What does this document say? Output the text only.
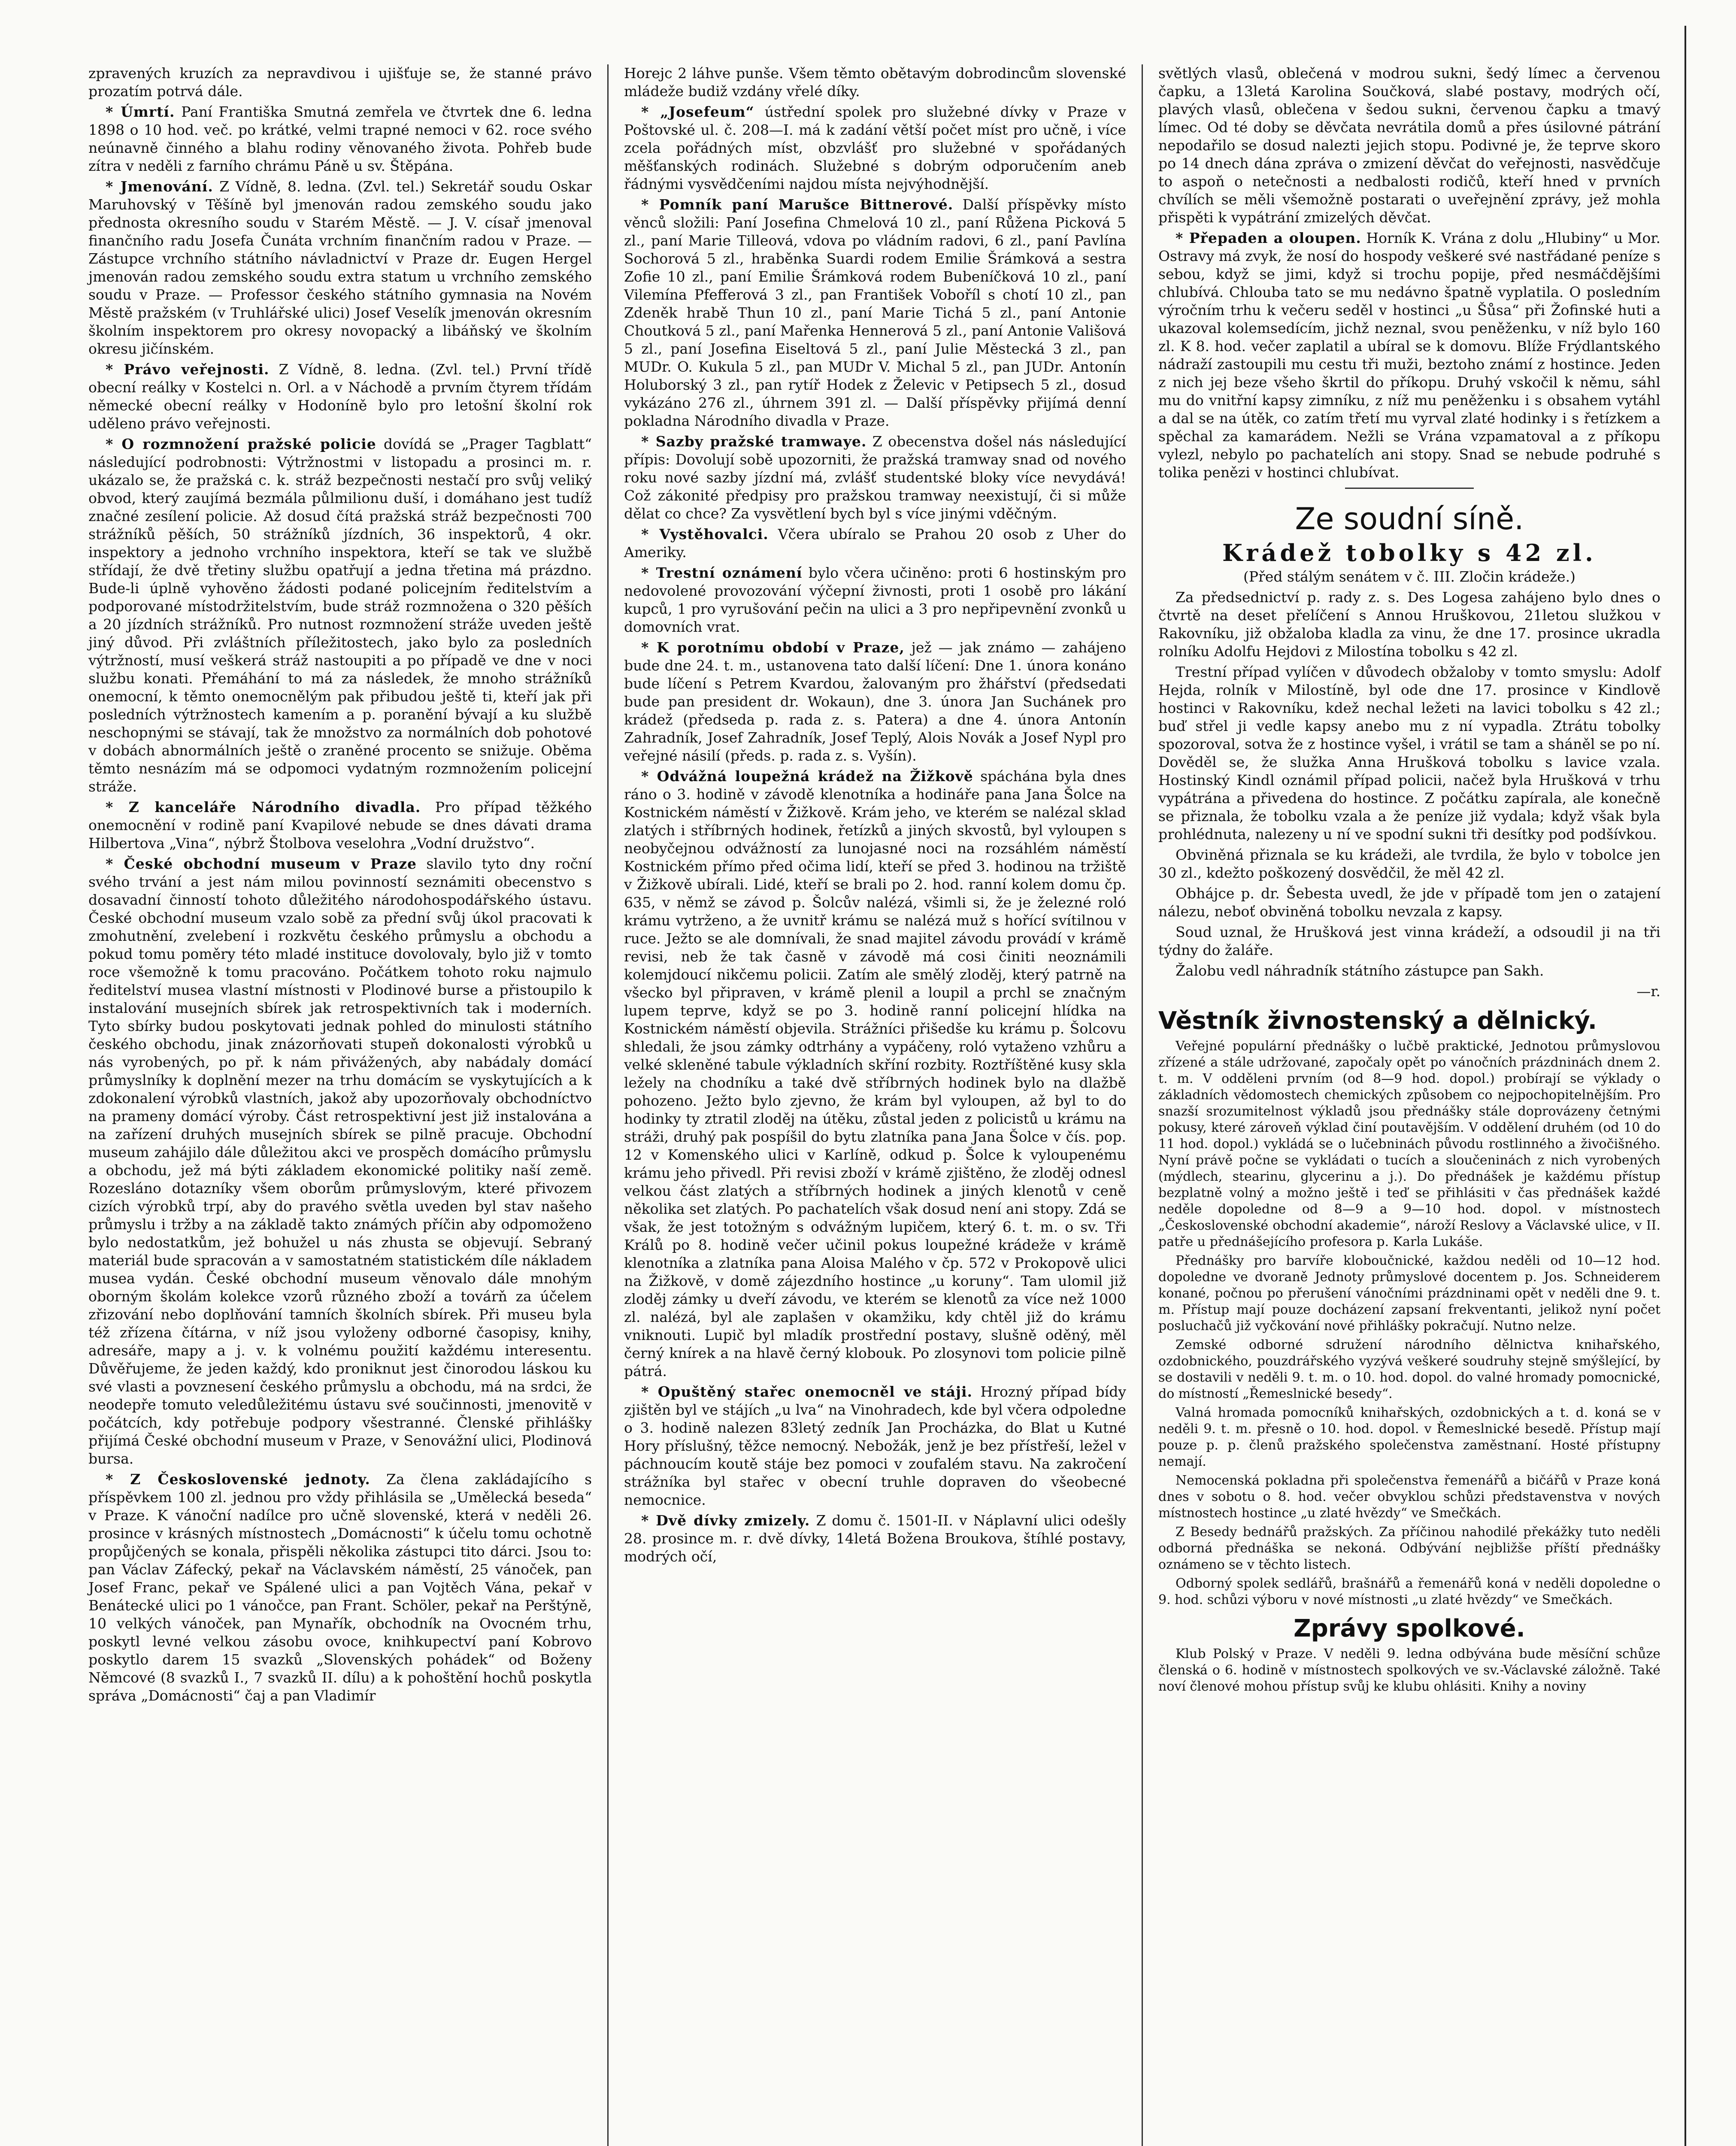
zpravených kruzích za nepravdivou i ujišťuje se, že stanné právo prozatím potrvá dále.

* Úmrtí. Paní Františka Smutná zemřela ve čtvrtek dne 6. ledna 1898 o 10 hod. več. po krátké, velmi trapné nemoci v 62. roce svého neúnavně činného a blahu rodiny věnovaného života. Pohřeb bude zítra v neděli z farního chrámu Páně u sv. Štěpána.

* Jmenování. Z Vídně, 8. ledna. (Zvl. tel.) Sekretář soudu Oskar Maruhovský v Těšíně byl jmenován radou zemského soudu jako přednosta okresního soudu v Starém Městě. — J. V. císař jmenoval finančního radu Josefa Čunáta vrchním finančním radou v Praze. — Zástupce vrchního státního návladnictví v Praze dr. Eugen Hergel jmenován radou zemského soudu extra statum u vrchního zemského soudu v Praze. — Professor českého státního gymnasia na Novém Městě pražském (v Truhlářské ulici) Josef Veselík jmenován okresním školním inspektorem pro okresy novopacký a libáňský ve školním okresu jičínském.

* Právo veřejnosti. Z Vídně, 8. ledna. (Zvl. tel.) První třídě obecní reálky v Kostelci n. Orl. a v Náchodě a prvním čtyrem třídám německé obecní reálky v Hodoníně bylo pro letošní školní rok uděleno právo veřejnosti.

* O rozmnožení pražské policie dovídá se „Prager Tagblatt“ následující podrobnosti: Výtržnostmi v listopadu a prosinci m. r. ukázalo se, že pražská c. k. stráž bezpečnosti nestačí pro svůj veliký obvod, který zaujímá bezmála půlmilionu duší, i domáhano jest tudíž značné zesílení policie. Až dosud čítá pražská stráž bezpečnosti 700 strážníků pěších, 50 strážníků jízdních, 36 inspektorů, 4 okr. inspektory a jednoho vrchního inspektora, kteří se tak ve službě střídají, že dvě třetiny službu opatřují a jedna třetina má prázdno. Bude-li úplně vyhověno žádosti podané policejním ředitelstvím a podporované místodržitelstvím, bude stráž rozmnožena o 320 pěších a 20 jízdních strážníků. Pro nutnost rozmnožení stráže uveden ještě jiný důvod. Při zvláštních příležitostech, jako bylo za posledních výtržností, musí veškerá stráž nastoupiti a po případě ve dne v noci službu konati. Přemáhání to má za následek, že mnoho strážníků onemocní, k těmto onemocnělým pak přibudou ještě ti, kteří jak při posledních výtržnostech kamením a p. poranění bývají a ku službě neschopnými se stávají, tak že množstvo za normálních dob pohotové v dobách abnormálních ještě o zraněné procento se snižuje. Oběma těmto nesnázím má se odpomoci vydatným rozmnožením policejní stráže.

* Z kanceláře Národního divadla. Pro případ těžkého onemocnění v rodině paní Kvapilové nebude se dnes dávati drama Hilbertova „Vina“, nýbrž Štolbova veselohra „Vodní družstvo“.

* České obchodní museum v Praze slavilo tyto dny roční svého trvání a jest nám milou povinností seznámiti obecenstvo s dosavadní činností tohoto důležitého národohospodářského ústavu. České obchodní museum vzalo sobě za přední svůj úkol pracovati k zmohutnění, zvelebení i rozkvětu českého průmyslu a obchodu a pokud tomu poměry této mladé instituce dovolovaly, bylo již v tomto roce všemožně k tomu pracováno. Počátkem tohoto roku najmulo ředitelství musea vlastní místnosti v Plodinové burse a přistoupilo k instalování musejních sbírek jak retrospektivních tak i moderních. Tyto sbírky budou poskytovati jednak pohled do minulosti státního českého obchodu, jinak znázorňovati stupeň dokonalosti výrobků u nás vyrobených, po př. k nám přivážených, aby nabádaly domácí průmyslníky k doplnění mezer na trhu domácím se vyskytujících a k zdokonalení výrobků vlastních, jakož aby upozorňovaly obchodníctvo na prameny domácí výroby. Část retrospektivní jest již instalována a na zařízení druhých musejních sbírek se pilně pracuje. Obchodní museum zahájilo dále důležitou akci ve prospěch domácího průmyslu a obchodu, jež má býti základem ekonomické politiky naší země. Rozesláno dotazníky všem oborům průmyslovým, které přivozem cizích výrobků trpí, aby do pravého světla uveden byl stav našeho průmyslu i tržby a na základě takto známých příčin aby odpomoženo bylo nedostatkům, jež bohužel u nás zhusta se objevují. Sebraný materiál bude spracován a v samostatném statistickém díle nákladem musea vydán. České obchodní museum věnovalo dále mnohým oborným školám kolekce vzorů různého zboží a továrň za účelem zřizování nebo doplňování tamních školních sbírek. Při museu byla též zřízena čítárna, v níž jsou vyloženy odborné časopisy, knihy, adresáře, mapy a j. v. k volnému použití každému interesentu. Důvěřujeme, že jeden každý, kdo proniknut jest činorodou láskou ku své vlasti a povznesení českého průmyslu a obchodu, má na srdci, že neodepře tomuto veledůležitému ústavu své součinnosti, jmenovitě v počátcích, kdy potřebuje podpory všestranné. Členské přihlášky přijímá České obchodní museum v Praze, v Senovážní ulici, Plodinová bursa.

* Z Československé jednoty. Za člena zakládajícího s příspěvkem 100 zl. jednou pro vždy přihlásila se „Umělecká beseda“ v Praze. K vánoční nadílce pro učně slovenské, která v neděli 26. prosince v krásných místnostech „Domácnosti“ k účelu tomu ochotně propůjčených se konala, přispěli několika zástupci tito dárci. Jsou to: pan Václav Záfecký, pekař na Václavském náměstí, 25 vánoček, pan Josef Franc, pekař ve Spálené ulici a pan Vojtěch Vána, pekař v Benátecké ulici po 1 vánočce, pan Frant. Schöler, pekař na Perštýně, 10 velkých vánoček, pan Mynařík, obchodník na Ovocném trhu, poskytl levné velkou zásobu ovoce, knihkupectví paní Kobrovo poskytlo darem 15 svazků „Slovenských pohádek“ od Boženy Němcové (8 svazků I., 7 svazků II. dílu) a k pohoštění hochů poskytla správa „Domácnosti“ čaj a pan Vladimír

Horejc 2 láhve punše. Všem těmto obětavým dobrodincům slovenské mládeže budiž vzdány vřelé díky.

* „Josefeum“ ústřední spolek pro služebné dívky v Praze v Poštovské ul. č. 208—I. má k zadání větší počet míst pro učně, i více zcela pořádných míst, obzvlášť pro služebné v spořádaných měšťanských rodinách. Služebné s dobrým odporučením aneb řádnými vysvědčeními najdou místa nejvýhodnější.

* Pomník paní Marušce Bittnerové. Další příspěvky místo věnců složili: Paní Josefina Chmelová 10 zl., paní Růžena Picková 5 zl., paní Marie Tilleová, vdova po vládním radovi, 6 zl., paní Pavlína Sochorová 5 zl., hraběnka Suardi rodem Emilie Šrámková a sestra Zofie 10 zl., paní Emilie Šrámková rodem Bubeníčková 10 zl., paní Vilemína Pfefferová 3 zl., pan František Voboříl s chotí 10 zl., pan Zdeněk hrabě Thun 10 zl., paní Marie Tichá 5 zl., paní Antonie Choutková 5 zl., paní Mařenka Hennerová 5 zl., paní Antonie Vališová 5 zl., paní Josefina Eiseltová 5 zl., paní Julie Městecká 3 zl., pan MUDr. O. Kukula 5 zl., pan MUDr V. Michal 5 zl., pan JUDr. Antonín Holuborský 3 zl., pan rytíř Hodek z Želevic v Petipsech 5 zl., dosud vykázáno 276 zl., úhrnem 391 zl. — Další příspěvky přijímá denní pokladna Národního divadla v Praze.

* Sazby pražské tramwaye. Z obecenstva došel nás následující přípis: Dovolují sobě upozorniti, že pražská tramway snad od nového roku nové sazby jízdní má, zvlášť studentské bloky více nevydává! Což zákonité předpisy pro pražskou tramway neexistují, či si může dělat co chce? Za vysvětlení bych byl s více jinými vděčným.

* Vystěhovalci. Včera ubíralo se Prahou 20 osob z Uher do Ameriky.

* Trestní oznámení bylo včera učiněno: proti 6 hostinským pro nedovolené provozování výčepní živnosti, proti 1 osobě pro lákání kupců, 1 pro vyrušování pečin na ulici a 3 pro nepřipevnění zvonků u domovních vrat.

* K porotnímu období v Praze, jež — jak známo — zahájeno bude dne 24. t. m., ustanovena tato další líčení: Dne 1. února konáno bude líčení s Petrem Kvardou, žalovaným pro žhářství (předsedati bude pan president dr. Wokaun), dne 3. února Jan Suchánek pro krádež (předseda p. rada z. s. Patera) a dne 4. února Antonín Zahradník, Josef Zahradník, Josef Teplý, Alois Novák a Josef Nypl pro veřejné násilí (předs. p. rada z. s. Vyšín).

* Odvážná loupežná krádež na Žižkově spáchána byla dnes ráno o 3. hodině v závodě klenotníka a hodináře pana Jana Šolce na Kostnickém náměstí v Žižkově. Krám jeho, ve kterém se nalézal sklad zlatých i stříbrných hodinek, řetízků a jiných skvostů, byl vyloupen s neobyčejnou odvážností za lunojasné noci na rozsáhlém náměstí Kostnickém přímo před očima lidí, kteří se před 3. hodinou na tržiště v Žižkově ubírali. Lidé, kteří se brali po 2. hod. ranní kolem domu čp. 635, v němž se závod p. Šolcův nalézá, všimli si, že je železné roló krámu vytrženo, a že uvnitř krámu se nalézá muž s hořící svítilnou v ruce. Ježto se ale domnívali, že snad majitel závodu provádí v krámě revisi, neb že tak časně v závodě má cosi činiti neoznámili kolemjdoucí nikčemu policii. Zatím ale smělý zloděj, který patrně na všecko byl připraven, v krámě plenil a loupil a prchl se značným lupem teprve, když se po 3. hodině ranní policejní hlídka na Kostnickém náměstí objevila. Strážníci přišedše ku krámu p. Šolcovu shledali, že jsou zámky odtrhány a vypáčeny, roló vytaženo vzhůru a velké skleněné tabule výkladních skříní rozbity. Roztříštěné kusy skla ležely na chodníku a také dvě stříbrných hodinek bylo na dlažbě pohozeno. Ježto bylo zjevno, že krám byl vyloupen, až byl to do hodinky ty ztratil zloděj na útěku, zůstal jeden z policistů u krámu na stráži, druhý pak pospíšil do bytu zlatníka pana Jana Šolce v čís. pop. 12 v Komenského ulici v Karlíně, odkud p. Šolce k vyloupenému krámu jeho přivedl. Při revisi zboží v krámě zjištěno, že zloděj odnesl velkou část zlatých a stříbrných hodinek a jiných klenotů v ceně několika set zlatých. Po pachatelích však dosud není ani stopy. Zdá se však, že jest totožným s odvážným lupičem, který 6. t. m. o sv. Tři Králů po 8. hodině večer učinil pokus loupežné krádeže v krámě klenotníka a zlatníka pana Aloisa Malého v čp. 572 v Prokopově ulici na Žižkově, v domě zájezdního hostince „u koruny“. Tam ulomil již zloděj zámky u dveří závodu, ve kterém se klenotů za více než 1000 zl. nalézá, byl ale zaplašen v okamžiku, kdy chtěl již do krámu vniknouti. Lupič byl mladík prostřední postavy, slušně oděný, měl černý knírek a na hlavě černý klobouk. Po zlosynovi tom policie pilně pátrá.

* Opuštěný stařec onemocněl ve stáji. Hrozný případ bídy zjištěn byl ve stájích „u lva“ na Vinohradech, kde byl včera odpoledne o 3. hodině nalezen 83letý zedník Jan Procházka, do Blat u Kutné Hory příslušný, těžce nemocný. Nebožák, jenž je bez přístřeší, ležel v páchnoucím koutě stáje bez pomoci v zoufalém stavu. Na zakročení strážníka byl stařec v obecní truhle dopraven do všeobecné nemocnice.

* Dvě dívky zmizely. Z domu č. 1501-II. v Náplavní ulici odešly 28. prosince m. r. dvě dívky, 14letá Božena Broukova, štíhlé postavy, modrých očí,

světlých vlasů, oblečená v modrou sukni, šedý límec a červenou čapku, a 13letá Karolina Součková, slabé postavy, modrých očí, plavých vlasů, oblečena v šedou sukni, červenou čapku a tmavý límec. Od té doby se děvčata nevrátila domů a přes úsilovné pátrání nepodařilo se dosud nalezti jejich stopu. Podivné je, že teprve skoro po 14 dnech dána zpráva o zmizení děvčat do veřejnosti, nasvědčuje to aspoň o netečnosti a nedbalosti rodičů, kteří hned v prvních chvílích se měli všemožně postarati o uveřejnění zprávy, jež mohla přispěti k vypátrání zmizelých děvčat.

* Přepaden a oloupen. Horník K. Vrána z dolu „Hlubiny“ u Mor. Ostravy má zvyk, že nosí do hospody veškeré své nastřádané peníze s sebou, když se jimi, když si trochu popije, před nesmáčdějšími chlubívá. Chlouba tato se mu nedávno špatně vyplatila. O posledním výročním trhu k večeru seděl v hostinci „u Šůsa“ při Žofinské huti a ukazoval kolemsedícím, jichž neznal, svou peněženku, v níž bylo 160 zl. K 8. hod. večer zaplatil a ubíral se k domovu. Blíže Frýdlantského nádraží zastoupili mu cestu tři muži, beztoho známí z hostince. Jeden z nich jej beze všeho škrtil do příkopu. Druhý vskočil k němu, sáhl mu do vnitřní kapsy zimníku, z níž mu peněženku i s obsahem vytáhl a dal se na útěk, co zatím třetí mu vyrval zlaté hodinky i s řetízkem a spěchal za kamarádem. Nežli se Vrána vzpamatoval a z příkopu vylezl, nebylo po pachatelích ani stopy. Snad se nebude podruhé s tolika penězi v hostinci chlubívat.

Ze soudní síně.
Krádež tobolky s 42 zl.

(Před stálým senátem v č. III. Zločin krádeže.)

Za předsednictví p. rady z. s. Des Logesa zahájeno bylo dnes o čtvrtě na deset přelíčení s Annou Hruškovou, 21letou služkou v Rakovníku, již obžaloba kladla za vinu, že dne 17. prosince ukradla rolníku Adolfu Hejdovi z Milostína tobolku s 42 zl.

Trestní případ vylíčen v důvodech obžaloby v tomto smyslu: Adolf Hejda, rolník v Milostíně, byl ode dne 17. prosince v Kindlově hostinci v Rakovníku, kdež nechal ležeti na lavici tobolku s 42 zl.; buď střel ji vedle kapsy anebo mu z ní vypadla. Ztrátu tobolky spozoroval, sotva že z hostince vyšel, i vrátil se tam a sháněl se po ní. Dověděl se, že služka Anna Hrušková tobolku s lavice vzala. Hostinský Kindl oznámil případ policii, načež byla Hrušková v trhu vypátrána a přivedena do hostince. Z počátku zapírala, ale konečně se přiznala, že tobolku vzala a že peníze již vydala; když však byla prohlédnuta, nalezeny u ní ve spodní sukni tři desítky pod podšívkou.

Obviněná přiznala se ku krádeži, ale tvrdila, že bylo v tobolce jen 30 zl., kdežto poškozený dosvědčil, že měl 42 zl.

Obhájce p. dr. Šebesta uvedl, že jde v případě tom jen o zatajení nálezu, neboť obviněná tobolku nevzala z kapsy.

Soud uznal, že Hrušková jest vinna krádeží, a odsoudil ji na tři týdny do žaláře.

Žalobu vedl náhradník státního zástupce pan Sakh.

—r.

Věstník živnostenský a dělnický.

Veřejné populární přednášky o lučbě praktické, Jednotou průmyslovou zřízené a stále udržované, započaly opět po vánočních prázdninách dnem 2. t. m. V odděleni prvním (od 8—9 hod. dopol.) probírají se výklady o základních vědomostech chemických způsobem co nejpochopitelnějším. Pro snazší srozumitelnost výkladů jsou přednášky stále doprovázeny četnými pokusy, které zároveň výklad činí poutavějším. V oddělení druhém (od 10 do 11 hod. dopol.) vykládá se o lučebninách původu rostlinného a živočišného. Nyní právě počne se vykládati o tucích a sloučeninách z nich vyrobených (mýdlech, stearinu, glycerinu a j.). Do přednášek je každému přístup bezplatně volný a možno ještě i teď se přihlásiti v čas přednášek každé neděle dopoledne od 8—9 a 9—10 hod. dopol. v místnostech „Československé obchodní akademie“, nároží Reslovy a Václavské ulice, v II. patře u přednášejícího profesora p. Karla Lukáše.

Přednášky pro barvíře kloboučnické, každou neděli od 10—12 hod. dopoledne ve dvoraně Jednoty průmyslové docentem p. Jos. Schneiderem konané, počnou po přerušení vánočními prázdninami opět v neděli dne 9. t. m. Přístup mají pouze docházení zapsaní frekventanti, jelikož nyní počet posluchačů již vyčkování nové přihlášky pokračují. Nutno nelze.

Zemské odborné sdružení národního dělnictva knihařského, ozdobnického, pouzdrářského vyzývá veškeré soudruhy stejně smýšlející, by se dostavili v neděli 9. t. m. o 10. hod. dopol. do valné hromady pomocnické, do místností „Řemeslnické besedy“.

Valná hromada pomocníků knihařských, ozdobnických a t. d. koná se v neděli 9. t. m. přesně o 10. hod. dopol. v Řemeslnické besedě. Přístup mají pouze p. p. členů pražského společenstva zaměstnaní. Hosté přístupny nemají.

Nemocenská pokladna při společenstva řemenářů a bičářů v Praze koná dnes v sobotu o 8. hod. večer obvyklou schůzi představenstva v nových místnostech hostince „u zlaté hvězdy“ ve Smečkách.

Z Besedy bednářů pražských. Za příčinou nahodilé překážky tuto neděli odborná přednáška se nekoná. Odbývání nejbližše příští přednášky oznámeno se v těchto listech.

Odborný spolek sedlářů, brašnářů a řemenářů koná v neděli dopoledne o 9. hod. schůzi výboru v nové místnosti „u zlaté hvězdy“ ve Smečkách.

Zprávy spolkové.

Klub Polský v Praze. V neděli 9. ledna odbývána bude měsíční schůze členská o 6. hodině v místnostech spolkových ve sv.-Václavské záložně. Také noví členové mohou přístup svůj ke klubu ohlásiti. Knihy a noviny
